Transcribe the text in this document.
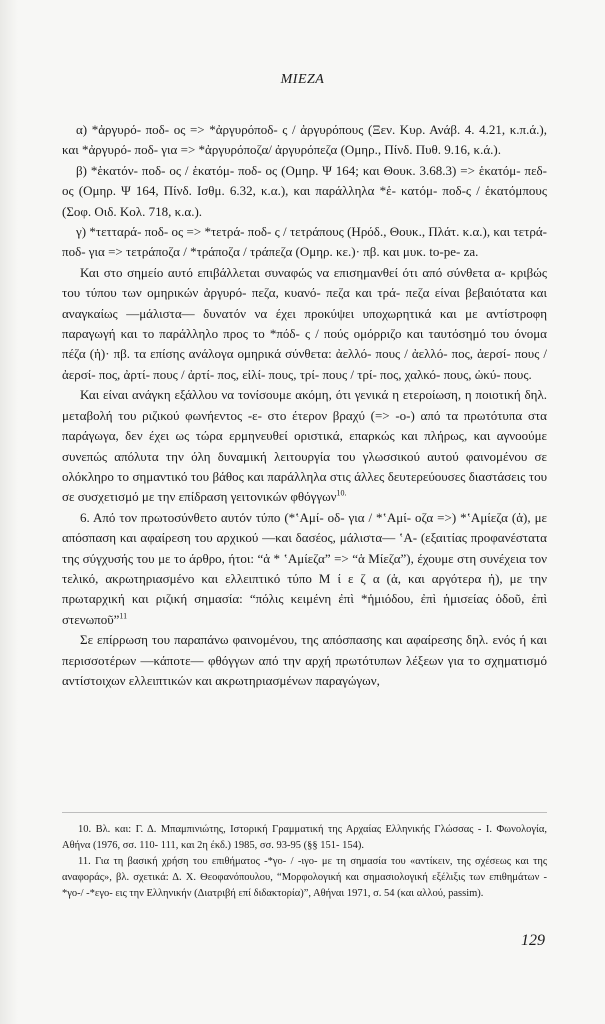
MIEZA

α) *ἀργυρό- ποδ- ος => *ἀργυρόποδ- ς / ἀργυρόπους (Ξεν. Κυρ. Ανάβ. 4. 4.21, κ.π.ά.), και *ἀργυρό- ποδ- για => *ἀργυρόποζα/ ἀργυρόπεζα (Ομηρ., Πίνδ. Πυθ. 9.16, κ.ά.).

β) *ἑκατόν- ποδ- ος / ἑκατόμ- ποδ- ος (Ομηρ. Ψ 164; και Θουκ. 3.68.3) => ἑκατόμ- πεδ- ος (Ομηρ. Ψ 164, Πίνδ. Ισθμ. 6.32, κ.α.), και παράλληλα *ἑ- κατόμ- ποδ-ς / ἑκατόμπους (Σοφ. Οιδ. Κολ. 718, κ.α.).

γ) *τετταρά- ποδ- ος => *τετρά- ποδ- ς / τετράπους (Ηρόδ., Θουκ., Πλάτ. κ.α.), και τετρά-ποδ- για => τετράποζα / *τράποζα / τράπεζα (Ομηρ. κε.)· πβ. και μυκ. to-pe- za.

Και στο σημείο αυτό επιβάλλεται συναφώς να επισημανθεί ότι από σύνθετα α- κριβώς του τύπου των ομηρικών ἀργυρό- πεζα, κυανό- πεζα και τρά- πεζα είναι βεβαιότατα και αναγκαίως —μάλιστα— δυνατόν να έχει προκύψει υποχωρητικά και με αντίστροφη παραγωγή και το παράλληλο προς το *πόδ- ς / πούς ομόρριζο και ταυτόσημό του όνομα πέζα (ἡ)· πβ. τα επίσης ανάλογα ομηρικά σύνθετα: ἀελλό- πους / ἀελλό- πος, ἀερσί- πους / ἀερσί- πος, ἀρτί- πους / ἀρτί- πος, εἰλί- πους, τρί- πους / τρί- πος, χαλκό- πους, ὠκύ- πους.

Και είναι ανάγκη εξάλλου να τονίσουμε ακόμη, ότι γενικά η ετεροίωση, η ποιοτική δηλ. μεταβολή του ριζικού φωνήεντος -ε- στο έτερον βραχύ (=> -ο-) από τα πρωτότυπα στα παράγωγα, δεν έχει ως τώρα ερμηνευθεί οριστικά, επαρκώς και πλήρως, και αγνοούμε συνεπώς απόλυτα την όλη δυναμική λειτουργία του γλωσσικού αυτού φαινομένου σε ολόκληρο το σημαντικό του βάθος και παράλληλα στις άλλες δευτερεύουσες διαστάσεις του σε συσχετισμό με την επίδραση γειτονικών φθόγγων$^{10.}$

6. Από τον πρωτοσύνθετο αυτόν τύπο (*ʽΑμί- οδ- για / *ʽΑμί- οζα =>) *ʽΑμίεζα (ἁ), με απόσπαση και αφαίρεση του αρχικού —και δασέος, μάλιστα— ʽΑ- (εξαιτίας προφανέστατα της σύγχυσής του με το άρθρο, ήτοι: “ἁ * ʽΑμίεζα” => “ἁ Μίεζα”), έχουμε στη συνέχεια τον τελικό, ακρωτηριασμένο και ελλειπτικό τύπο Μ ί ε ζ α (ἁ, και αργότερα ἡ), με την πρωταρχική και ριζική σημασία: “πόλις κειμένη ἐπὶ *ἡμιόδου, ἐπὶ ἡμισείας ὁδοῦ, ἐπὶ στενωποῦ”$^{11}$

Σε επίρρωση του παραπάνω φαινομένου, της απόσπασης και αφαίρεσης δηλ. ενός ή και περισσοτέρων —κάποτε— φθόγγων από την αρχή πρωτότυπων λέξεων για το σχηματισμό αντίστοιχων ελλειπτικών και ακρωτηριασμένων παραγώγων,

10. Βλ. και: Γ. Δ. Μπαμπινιώτης, Ιστορική Γραμματική της Αρχαίας Ελληνικής Γλώσσας - Ι. Φωνολογία, Αθήνα (1976, σσ. 110- 111, και 2η έκδ.) 1985, σσ. 93-95 (§§ 151- 154).

11. Για τη βασική χρήση του επιθήματος -*γο- / -ιγο- με τη σημασία του «αντίκειν, της σχέσεως και της αναφοράς», βλ. σχετικά: Δ. Χ. Θεοφανόπουλου, “Μορφολογική και σημασιολογική εξέλιξις των επιθημάτων -*γο-/ -*εγο- εις την Ελληνικήν (Διατριβή επί διδακτορία)”, Αθήναι 1971, σ. 54 (και αλλού, passim).

129
